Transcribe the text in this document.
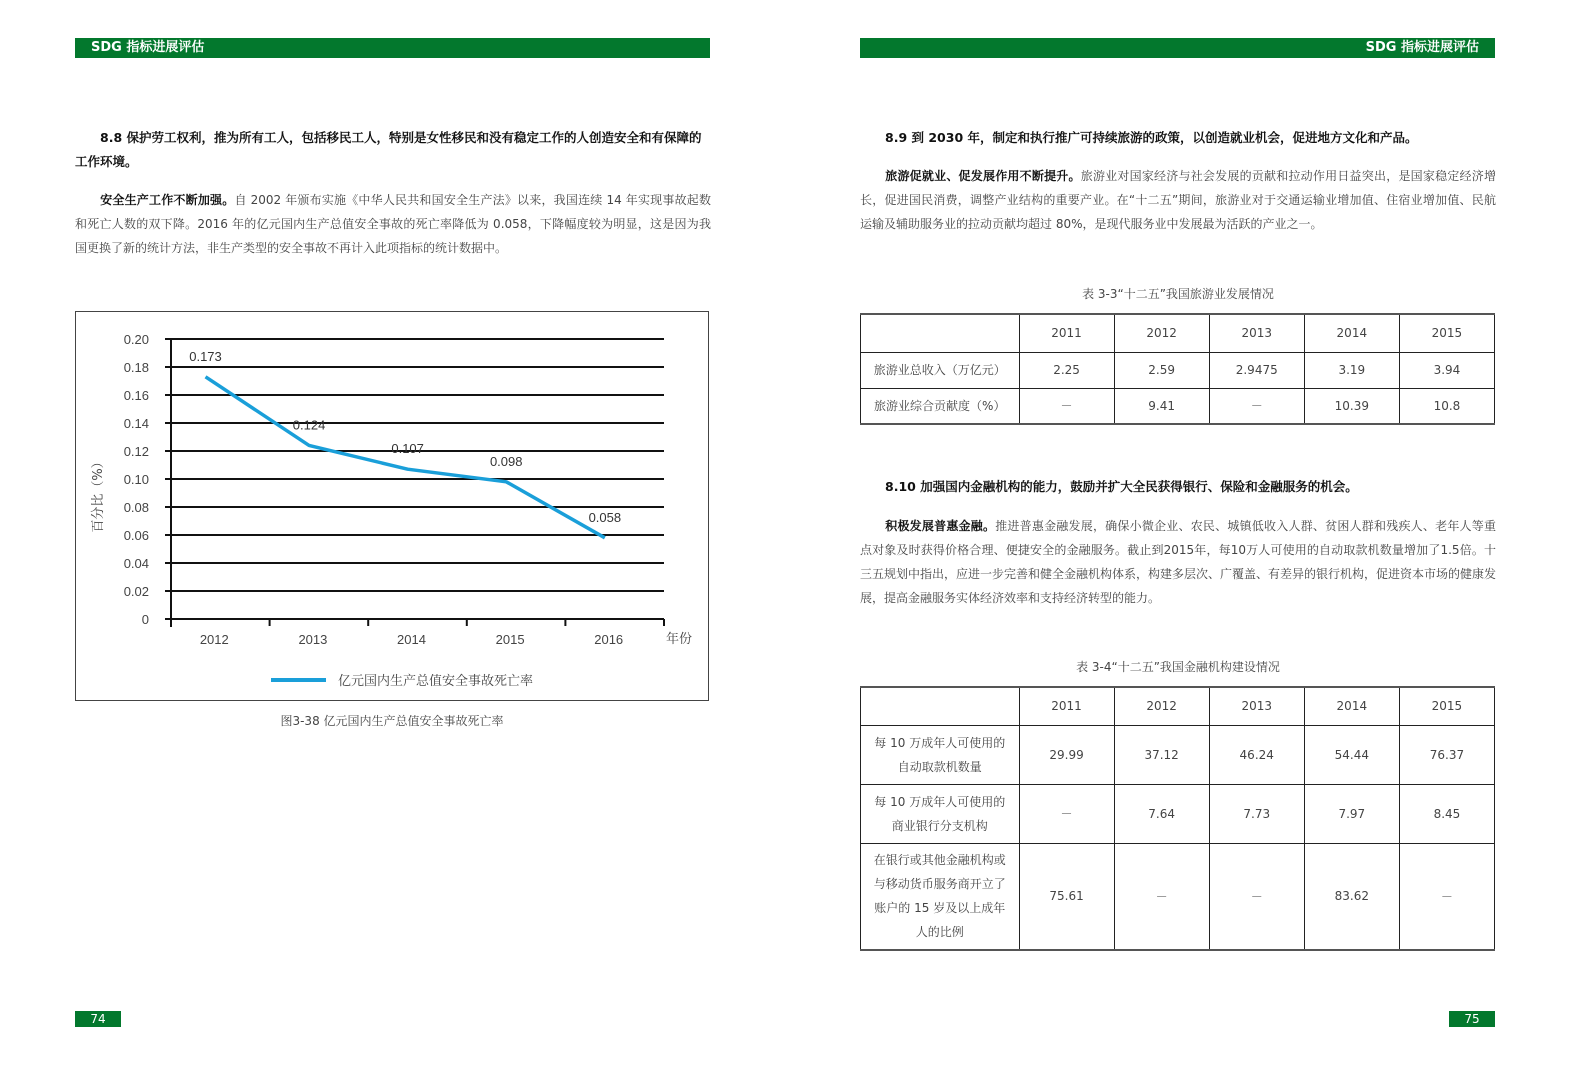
SDG 指标进展评估
8.8 保护劳工权利，推为所有工人，包括移民工人，特别是女性移民和没有稳定工作的人创造安全和有保障的工作环境。
安全生产工作不断加强。自 2002 年颁布实施《中华人民共和国安全生产法》以来，我国连续 14 年实现事故起数和死亡人数的双下降。2016 年的亿元国内生产总值安全事故的死亡率降低为 0.058，下降幅度较为明显，这是因为我国更换了新的统计方法，非生产类型的安全事故不再计入此项指标的统计数据中。
0
0.02
0.04
0.06
0.08
0.10
0.12
0.14
0.16
0.18
0.20
2012	2013	2014	2015	2016
百分比（%）
年份
0.173
0.124
0.107
0.098
0.058
亿元国内生产总值安全事故死亡率
图3-38 亿元国内生产总值安全事故死亡率
74
SDG 指标进展评估
8.9 到 2030 年，制定和执行推广可持续旅游的政策，以创造就业机会，促进地方文化和产品。
旅游促就业、促发展作用不断提升。旅游业对国家经济与社会发展的贡献和拉动作用日益突出，是国家稳定经济增长，促进国民消费，调整产业结构的重要产业。在“十二五”期间，旅游业对于交通运输业增加值、住宿业增加值、民航运输及辅助服务业的拉动贡献均超过 80%，是现代服务业中发展最为活跃的产业之一。
表 3-3“十二五”我国旅游业发展情况
	2011	2012	2013	2014	2015
旅游业总收入（万亿元）	2.25	2.59	2.9475	3.19	3.94
旅游业综合贡献度（%）	－	9.41	－	10.39	10.8
8.10 加强国内金融机构的能力，鼓励并扩大全民获得银行、保险和金融服务的机会。
积极发展普惠金融。推进普惠金融发展，确保小微企业、农民、城镇低收入人群、贫困人群和残疾人、老年人等重点对象及时获得价格合理、便捷安全的金融服务。截止到2015年，每10万人可使用的自动取款机数量增加了1.5倍。十三五规划中指出，应进一步完善和健全金融机构体系，构建多层次、广覆盖、有差异的银行机构，促进资本市场的健康发展，提高金融服务实体经济效率和支持经济转型的能力。
表 3-4“十二五”我国金融机构建设情况
	2011	2012	2013	2014	2015
每 10 万成年人可使用的自动取款机数量	29.99	37.12	46.24	54.44	76.37
每 10 万成年人可使用的商业银行分支机构	－	7.64	7.73	7.97	8.45
在银行或其他金融机构或与移动货币服务商开立了账户的 15 岁及以上成年人的比例	75.61	－	－	83.62	－
75
